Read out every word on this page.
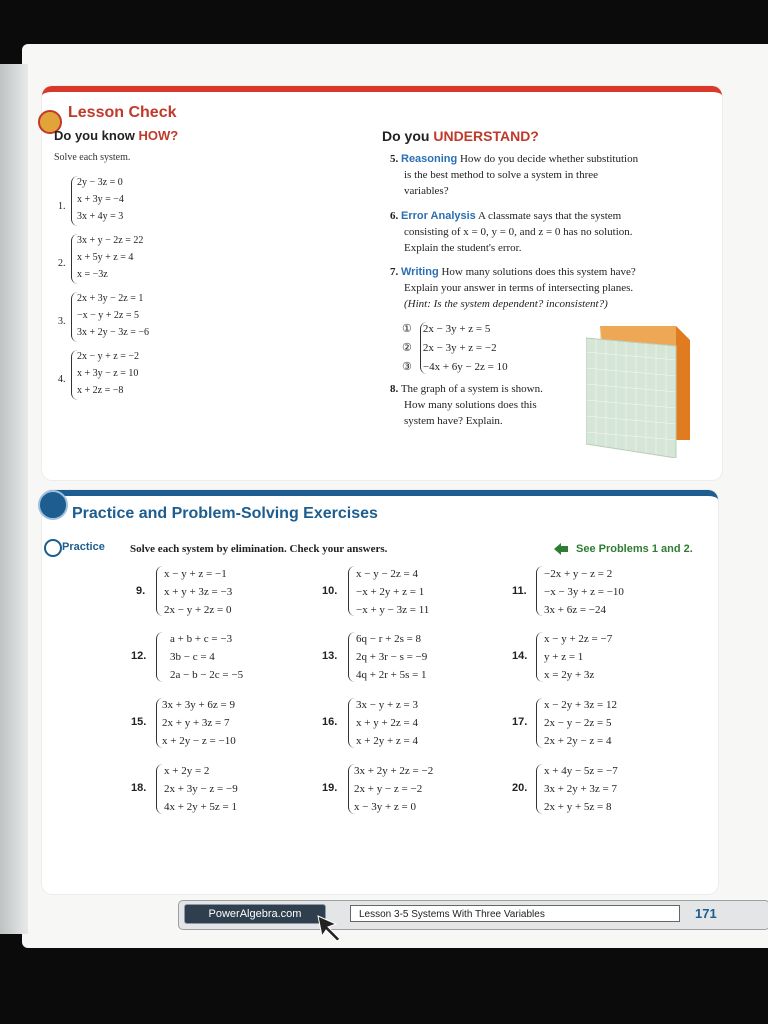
Lesson Check
Do you know HOW?
Solve each system.
1.
2y − 3z = 0
x + 3y = −4
3x + 4y = 3
2.
3x + y − 2z = 22
x + 5y + z = 4
x = −3z
3.
2x + 3y − 2z = 1
−x − y + 2z = 5
3x + 2y − 3z = −6
4.
2x − y + z = −2
x + 3y − z = 10
x + 2z = −8
Do you UNDERSTAND?
5. Reasoning How do you decide whether substitution
is the best method to solve a system in three
variables?
6. Error Analysis A classmate says that the system
consisting of x = 0, y = 0, and z = 0 has no solution.
Explain the student's error.
7. Writing How many solutions does this system have?
Explain your answer in terms of intersecting planes.
(Hint: Is the system dependent? inconsistent?)
① 2x − 3y + z = 5
② 2x − 3y + z = −2
③ −4x + 6y − 2z = 10
8. The graph of a system is shown.
How many solutions does this
system have? Explain.
Practice and Problem-Solving Exercises
Practice Solve each system by elimination. Check your answers.	See Problems 1 and 2.
9.
x − y + z = −1
x + y + 3z = −3
2x − y + 2z = 0
10.
x − y − 2z = 4
−x + 2y + z = 1
−x + y − 3z = 11
11.
−2x + y − z = 2
−x − 3y + z = −10
3x + 6z = −24
12.
a + b + c = −3
3b − c = 4
2a − b − 2c = −5
13.
6q − r + 2s = 8
2q + 3r − s = −9
4q + 2r + 5s = 1
14.
x − y + 2z = −7
y + z = 1
x = 2y + 3z
15.
3x + 3y + 6z = 9
2x + y + 3z = 7
x + 2y − z = −10
16.
3x − y + z = 3
x + y + 2z = 4
x + 2y + z = 4
17.
x − 2y + 3z = 12
2x − y − 2z = 5
2x + 2y − z = 4
18.
x + 2y = 2
2x + 3y − z = −9
4x + 2y + 5z = 1
19.
3x + 2y + 2z = −2
2x + y − z = −2
x − 3y + z = 0
20.
x + 4y − 5z = −7
3x + 2y + 3z = 7
2x + y + 5z = 8
PowerAlgebra.com	Lesson 3-5 Systems With Three Variables	171
